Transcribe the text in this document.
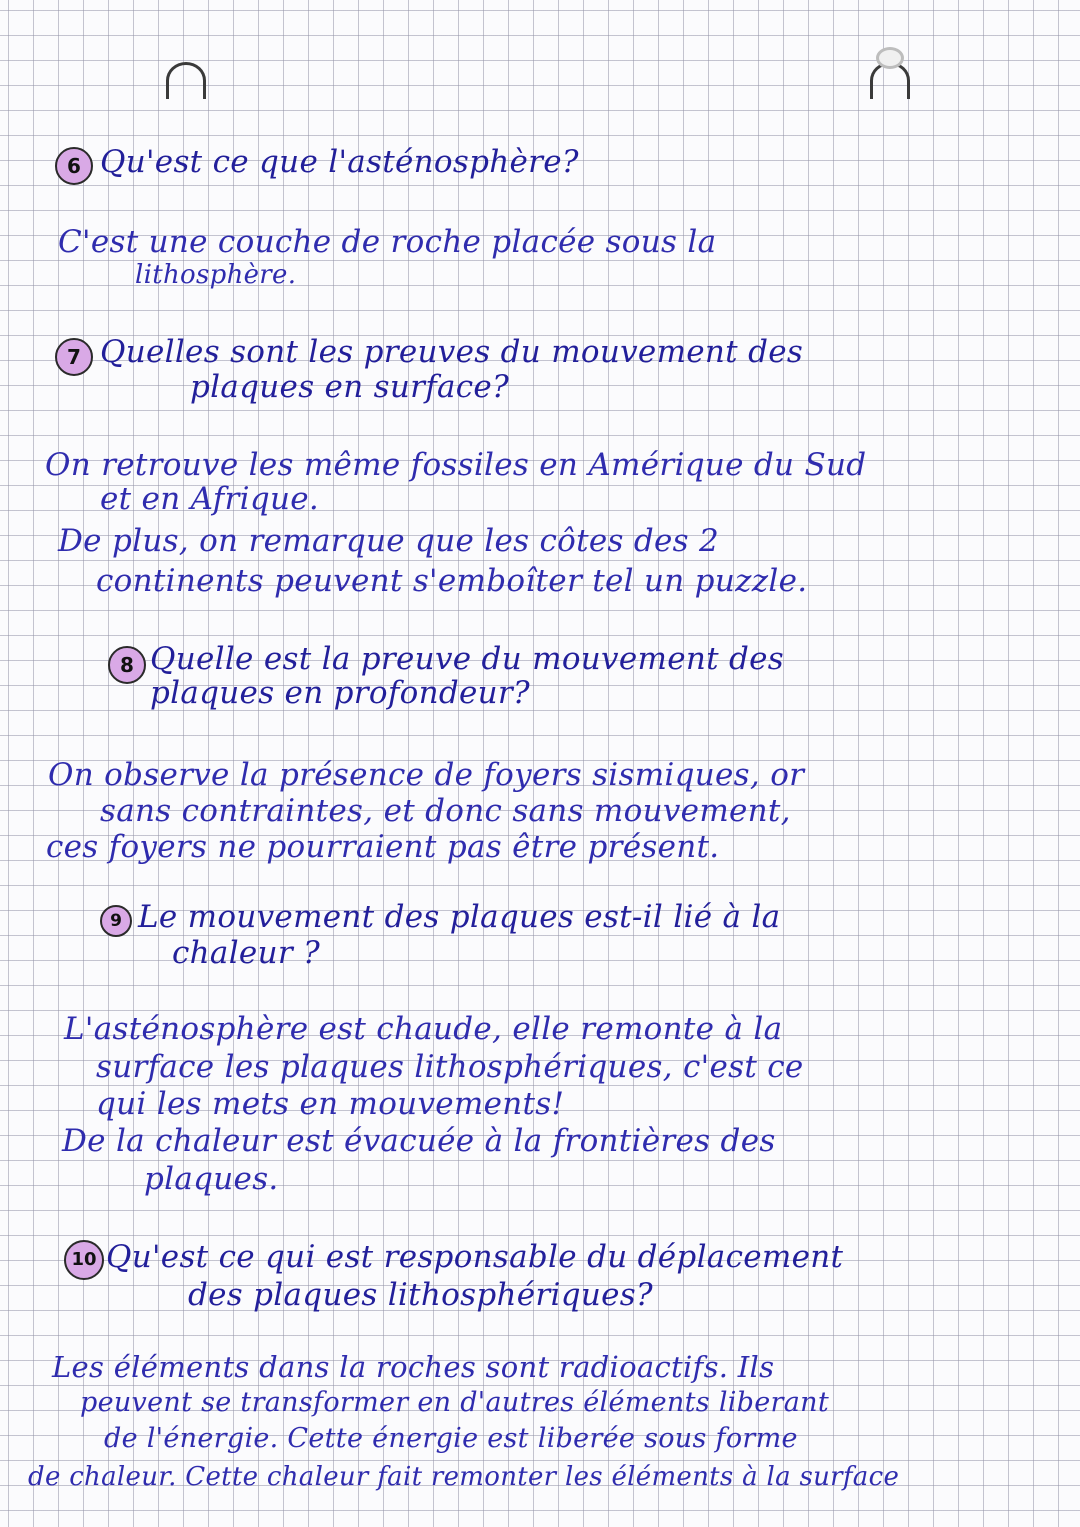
6 Qu'est ce que l'asténosphère?
C'est une couche de roche placée sous la
lithosphère.
7 Quelles sont les preuves du mouvement des
plaques en surface?
On retrouve les même fossiles en Amérique du Sud
et en Afrique.
De plus, on remarque que les côtes des 2
continents peuvent s'emboîter tel un puzzle.
8 Quelle est la preuve du mouvement des
plaques en profondeur?
On observe la présence de foyers sismiques, or
sans contraintes, et donc sans mouvement,
ces foyers ne pourraient pas être présent.
9 Le mouvement des plaques est-il lié à la
chaleur ?
L'asténosphère est chaude, elle remonte à la
surface les plaques lithosphériques, c'est ce
qui les mets en mouvements!
De la chaleur est évacuée à la frontières des
plaques.
10 Qu'est ce qui est responsable du déplacement
des plaques lithosphériques?
Les éléments dans la roches sont radioactifs. Ils
peuvent se transformer en d'autres éléments liberant
de l'énergie. Cette énergie est liberée sous forme
de chaleur. Cette chaleur fait remonter les éléments à la surface
